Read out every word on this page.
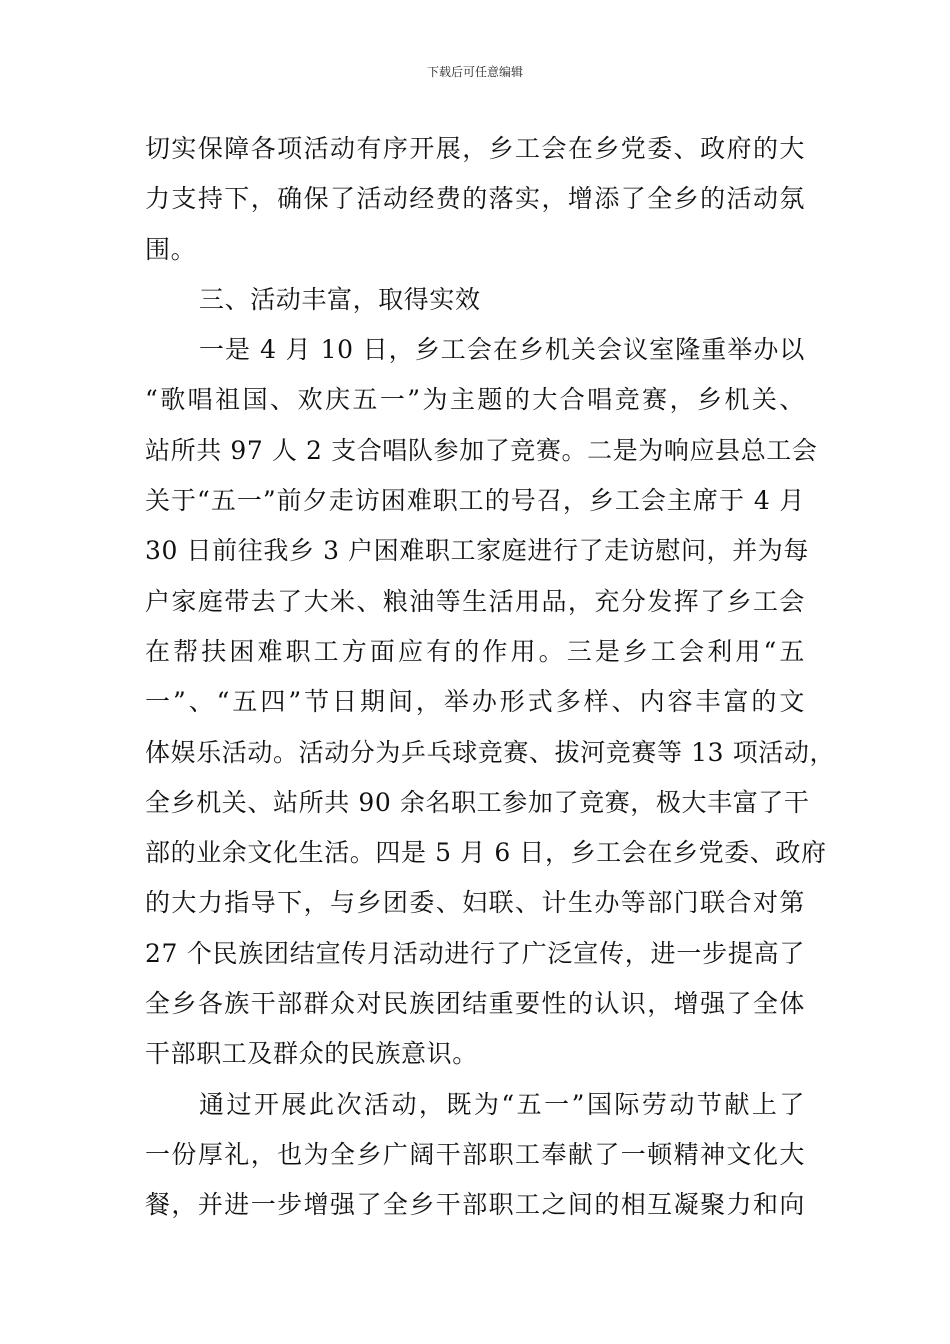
下载后可任意编辑
切实保障各项活动有序开展，乡工会在乡党委、政府的大
力支持下，确保了活动经费的落实，增添了全乡的活动氛
围。
三、活动丰富，取得实效
一是 4 月 10 日，乡工会在乡机关会议室隆重举办以
“歌唱祖国、欢庆五一”为主题的大合唱竞赛，乡机关、
站所共 97 人 2 支合唱队参加了竞赛。二是为响应县总工会
关于“五一”前夕走访困难职工的号召，乡工会主席于 4 月
30 日前往我乡 3 户困难职工家庭进行了走访慰问，并为每
户家庭带去了大米、粮油等生活用品，充分发挥了乡工会
在帮扶困难职工方面应有的作用。三是乡工会利用“五
一”、“五四”节日期间，举办形式多样、内容丰富的文
体娱乐活动。活动分为乒乓球竞赛、拔河竞赛等 13 项活动，
全乡机关、站所共 90 余名职工参加了竞赛，极大丰富了干
部的业余文化生活。四是 5 月 6 日，乡工会在乡党委、政府
的大力指导下，与乡团委、妇联、计生办等部门联合对第
27 个民族团结宣传月活动进行了广泛宣传，进一步提高了
全乡各族干部群众对民族团结重要性的认识，增强了全体
干部职工及群众的民族意识。
通过开展此次活动，既为“五一”国际劳动节献上了
一份厚礼，也为全乡广阔干部职工奉献了一顿精神文化大
餐，并进一步增强了全乡干部职工之间的相互凝聚力和向
